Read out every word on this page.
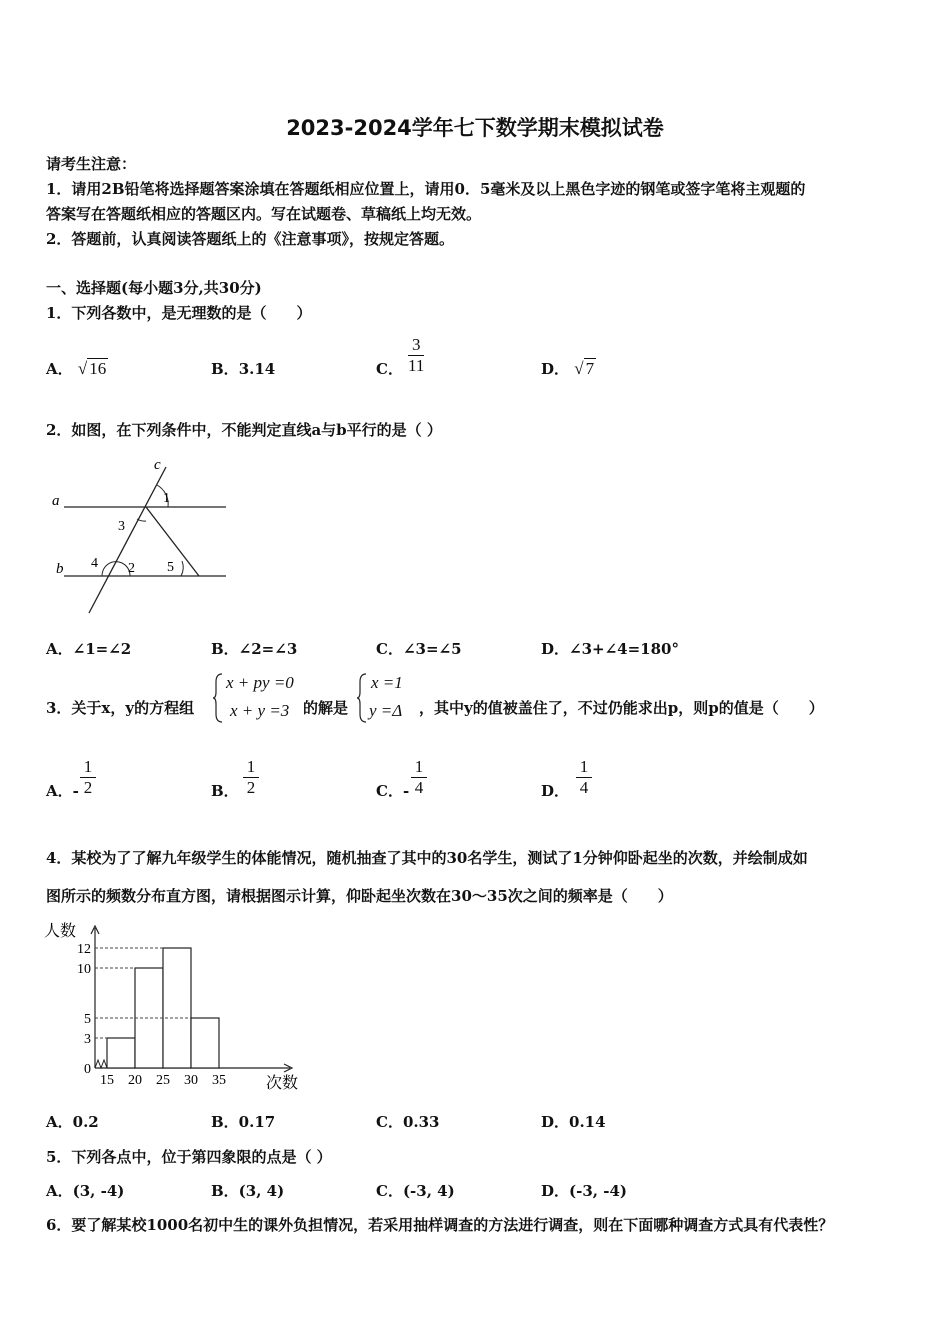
2023-2024学年七下数学期末模拟试卷
请考生注意：
1．请用2B铅笔将选择题答案涂填在答题纸相应位置上，请用0．5毫米及以上黑色字迹的钢笔或签字笔将主观题的
答案写在答题纸相应的答题区内。写在试题卷、草稿纸上均无效。
2．答题前，认真阅读答题纸上的《注意事项》，按规定答题。
一、选择题(每小题3分,共30分)
1．下列各数中，是无理数的是（　　）
A． √ 16	B．3.14	C．
3
11	D． √ 7
2．如图，在下列条件中，不能判定直线a与b平行的是（ ）
a
b
c
1
3
4 2 5
A．∠1=∠2	B．∠2=∠3	C．∠3=∠5	D．∠3+∠4=180°
3．关于x，y的方程组
x + py =0
x + y =3 的解是
x =1
y =Δ ，其中y的值被盖住了，不过仍能求出p，则p的值是（　　）
A．-
1
2	B．
1
2	C．-
1
4	D．
1
4
4．某校为了了解九年级学生的体能情况，随机抽查了其中的30名学生，测试了1分钟仰卧起坐的次数，并绘制成如
图所示的频数分布直方图，请根据图示计算，仰卧起坐次数在30～35次之间的频率是（　　）
人数
次数
0
3
5
10
12
15 20 25 30 35
A．0.2	B．0.17	C．0.33	D．0.14
5．下列各点中，位于第四象限的点是（ ）
A．(3, -4)	B．(3, 4)	C．(-3, 4)	D．(-3, -4)
6．要了解某校1000名初中生的课外负担情况，若采用抽样调查的方法进行调查，则在下面哪种调查方式具有代表性？
